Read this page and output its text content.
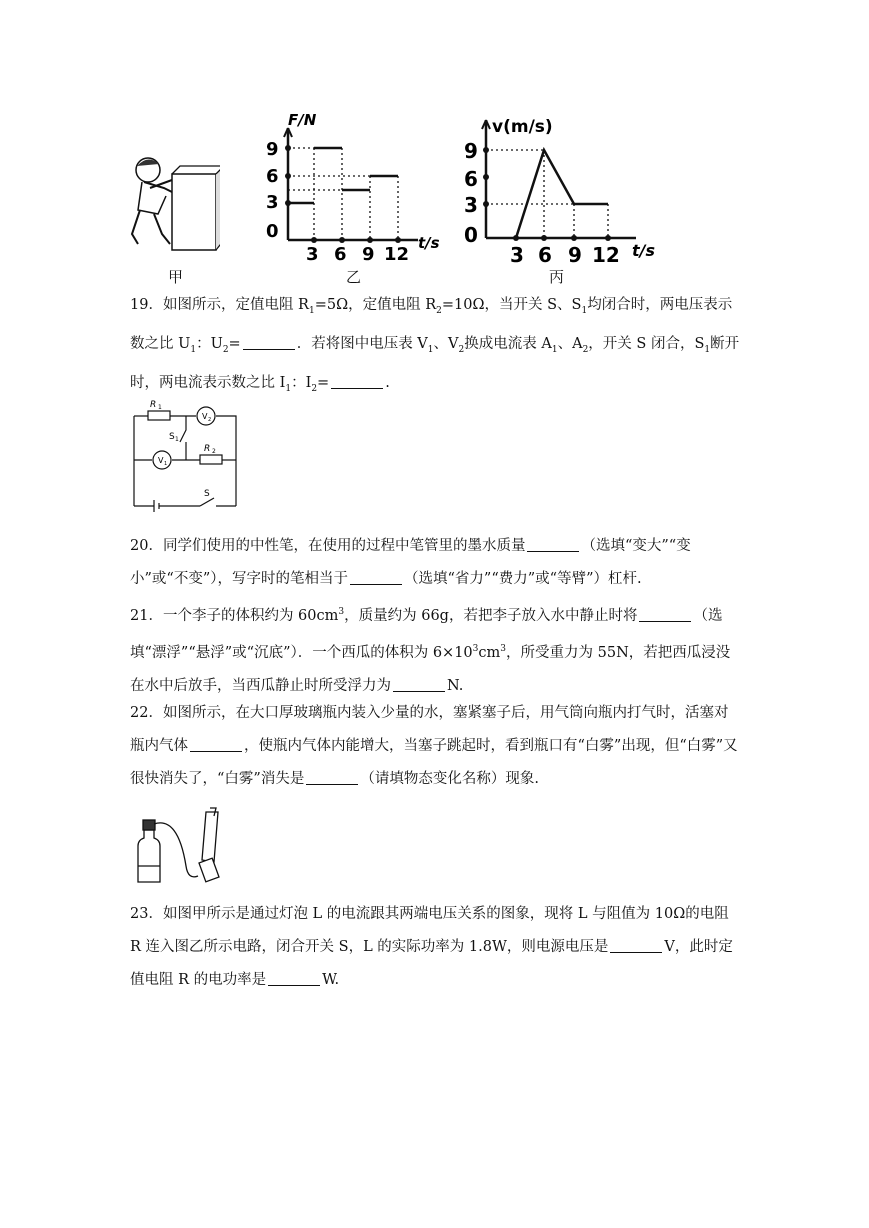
甲
F/N
t/s
9
6
3
0
3 6 9 12
乙
v(m/s)
t/s
9
6
3
0
3 6 9 12
丙
19．如图所示，定值电阻 $R_1=5\Omega$，定值电阻 $R_2=10\Omega$，当开关 S、$S_1$均闭合时，两电压表示数之比 $U_1$：$U_2=$	．若将图中电压表 $V_1$、$V_2$换成电流表 $A_1$、$A_2$，开关 S 闭合，$S_1$断开时，两电流表示数之比 $I_1$：$I_2=$	.
R 1
V 2
S 1
R 2
V 1
S
20．同学们使用的中性笔，在使用的过程中笔管里的墨水质量	（选填“变大”“变小”或“不变”），写字时的笔相当于	（选填“省力”“费力”或“等臂”）杠杆.
21．一个李子的体积约为 $60cm^3$，质量约为 66g，若把李子放入水中静止时将	（选填“漂浮”“悬浮”或“沉底”）．一个西瓜的体积为 $6\times 10^3cm^3$，所受重力为 55N，若把西瓜浸没在水中后放手，当西瓜静止时所受浮力为	N.
22．如图所示，在大口厚玻璃瓶内装入少量的水，塞紧塞子后，用气筒向瓶内打气时，活塞对瓶内气体	，使瓶内气体内能增大，当塞子跳起时，看到瓶口有“白雾”出现，但“白雾”又很快消失了，“白雾”消失是	（请填物态变化名称）现象.
23．如图甲所示是通过灯泡 L 的电流跟其两端电压关系的图象，现将 L 与阻值为 10Ω的电阻 R 连入图乙所示电路，闭合开关 S，L 的实际功率为 1.8W，则电源电压是	V，此时定值电阻 R 的电功率是	W.
